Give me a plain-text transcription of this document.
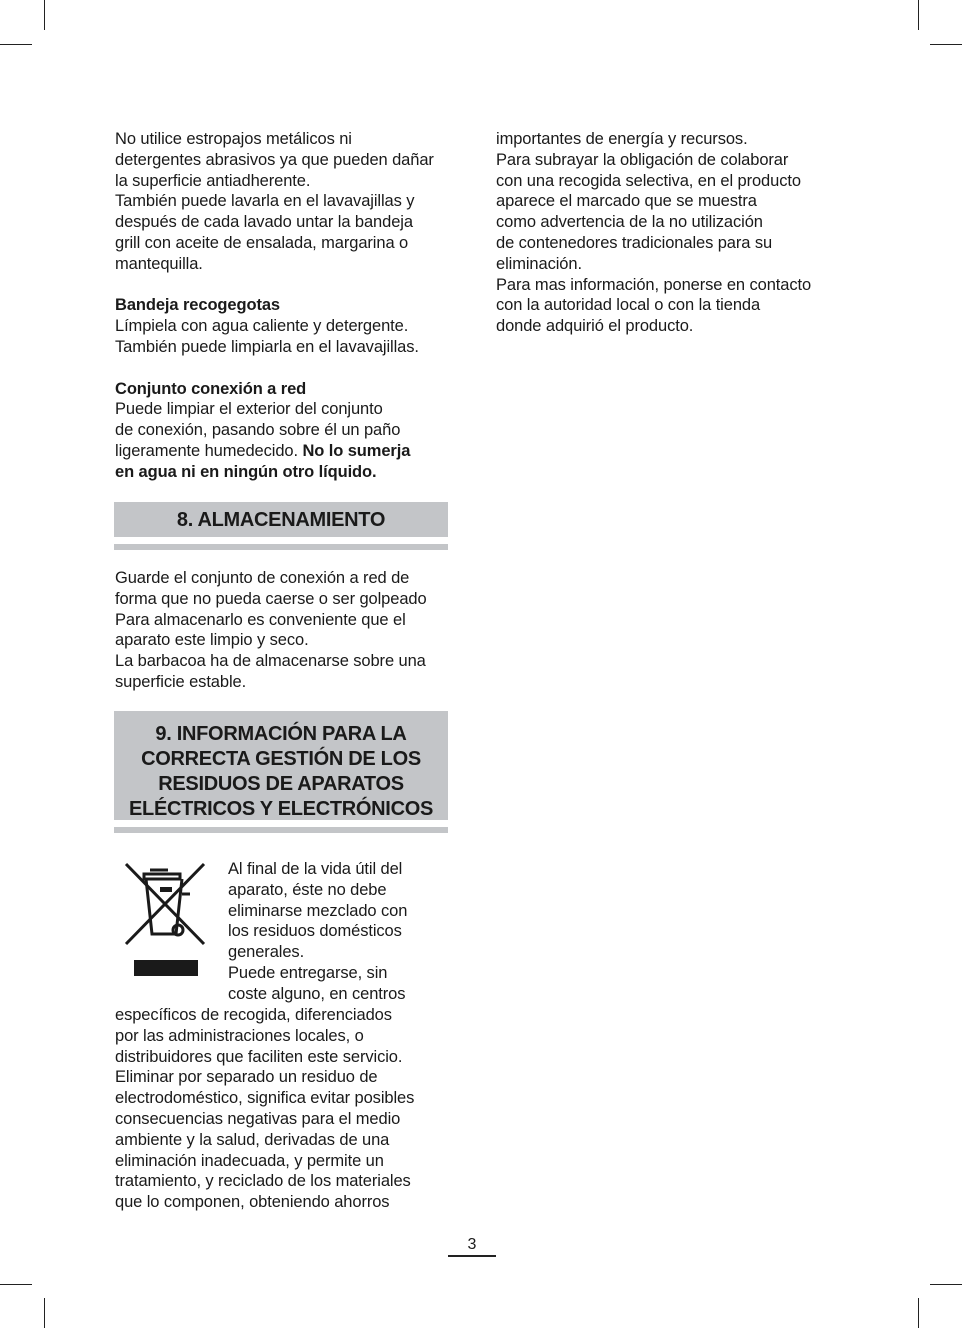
No utilice estropajos metálicos ni
detergentes abrasivos ya que pueden dañar
la superficie antiadherente.
También puede lavarla en el lavavajillas y
después de cada lavado untar la bandeja
grill con aceite de ensalada, margarina o
mantequilla.
Bandeja recogegotas
Límpiela con agua caliente y detergente.
También puede limpiarla en el lavavajillas.
Conjunto conexión a red
Puede limpiar el exterior del conjunto
de conexión, pasando sobre él un paño
ligeramente humedecido. No lo sumerja
en agua ni en ningún otro líquido.
8. ALMACENAMIENTO
Guarde el conjunto de conexión a red de
forma que no pueda caerse o ser golpeado
Para almacenarlo es conveniente que el
aparato este limpio y seco.
La barbacoa ha de almacenarse sobre una
superficie estable.
9. INFORMACIÓN PARA LA
CORRECTA GESTIÓN DE LOS
RESIDUOS DE APARATOS
ELÉCTRICOS Y ELECTRÓNICOS
Al final de la vida útil del
aparato, éste no debe
eliminarse mezclado con
los residuos domésticos
generales.
Puede entregarse, sin
coste alguno, en centros
específicos de recogida, diferenciados
por las administraciones locales, o
distribuidores que faciliten este servicio.
Eliminar por separado un residuo de
electrodoméstico, significa evitar posibles
consecuencias negativas para el medio
ambiente y la salud, derivadas de una
eliminación inadecuada, y permite un
tratamiento, y reciclado de los materiales
que lo componen, obteniendo ahorros
importantes de energía y recursos.
Para subrayar la obligación de colaborar
con una recogida selectiva, en el producto
aparece el marcado que se muestra
como advertencia de la no utilización
de contenedores tradicionales para su
eliminación.
Para mas información, ponerse en contacto
con la autoridad local o con la tienda
donde adquirió el producto.
3
